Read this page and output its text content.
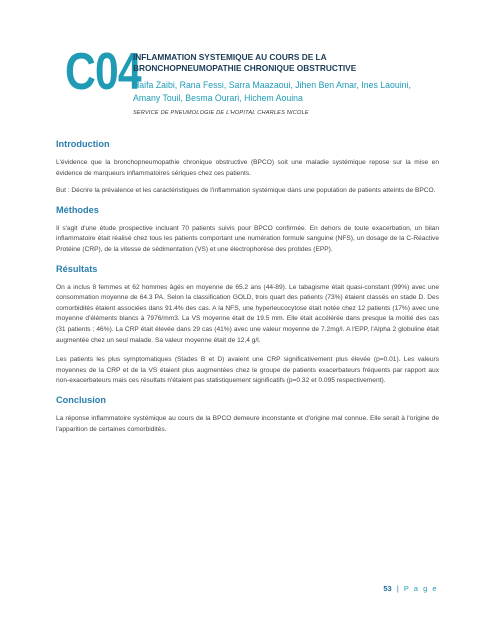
C04
INFLAMMATION SYSTEMIQUE AU COURS DE LA BRONCHOPNEUMOPATHIE CHRONIQUE OBSTRUCTIVE
Haifa Zaibi, Rana Fessi, Sarra Maazaoui, Jihen Ben Amar, Ines Laouini, Amany Touil, Besma Ourari, Hichem Aouina
SERVICE DE PNEUMOLOGIE DE L'HOPITAL CHARLES NICOLE
Introduction

L'évidence que la bronchopneumopathie chronique obstructive (BPCO) soit une maladie systémique repose sur la mise en évidence de marqueurs inflammatoires sériques chez ces patients.

But : Décrire la prévalence et les caractéristiques de l'inflammation systémique dans une population de patients atteints de BPCO.

Méthodes

Il s'agit d'une étude prospective incluant 70 patients suivis pour BPCO confirmée. En dehors de toute exacerbation, un bilan inflammatoire était réalisé chez tous les patients comportant une numération formule sanguine (NFS), un dosage de la C-Réactive Protéine (CRP), de la vitesse de sédimentation (VS) et une électrophorèse des protides (EPP).

Résultats

On a inclus 8 femmes et 62 hommes âgés en moyenne de 65.2 ans (44-89). Le tabagisme était quasi-constant (99%) avec une consommation moyenne de 64.3 PA. Selon la classification GOLD, trois quart des patients (73%) étaient classés en stade D. Des comorbidités étaient associées dans 91.4% des cas. A la NFS, une hyperleucocytose était notée chez 12 patients (17%) avec une moyenne d'éléments blancs à 7976/mm3. La VS moyenne était de 19.5 mm. Elle était accélérée dans presque la moitié des cas (31 patients ; 46%). La CRP était élevée dans 29 cas (41%) avec une valeur moyenne de 7.2mg/l. A l'EPP, l'Alpha 2 globuline était augmentée chez un seul malade. Sa valeur moyenne était de 12,4 g/l.

Les patients les plus symptomatiques (Stades B et D) avaient une CRP significativement plus élevée (p=0.01). Les valeurs moyennes de la CRP et de la VS étaient plus augmentées chez le groupe de patients exacerbateurs fréquents par rapport aux non-exacerbateurs mais ces résultats n'étaient pas statistiquement significatifs (p=0.32 et 0.095 respectivement).

Conclusion

La réponse inflammatoire systémique au cours de la BPCO demeure inconstante et d'origine mal connue. Elle serait à l'origine de l'apparition de certaines comorbidités.

53 | P a g e
